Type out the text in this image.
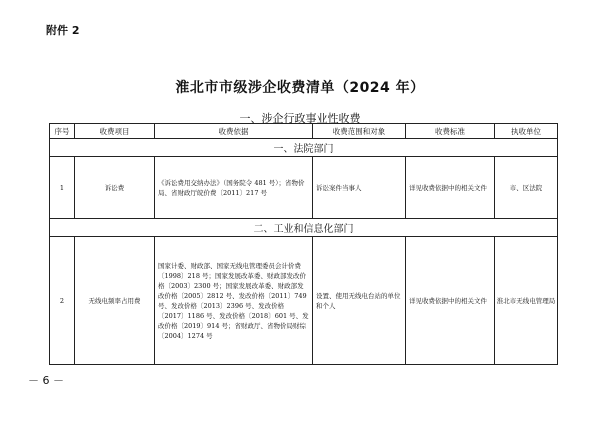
附件 2
淮北市市级涉企收费清单（2024 年）
一、涉企行政事业性收费
序号	收费项目	收费依据	收费范围和对象	收费标准	执收单位
一、法院部门					
1	诉讼费	《诉讼费用交纳办法》（国务院令 481 号）；省物价局、省财政厅皖价费〔2011〕217 号	诉讼案件当事人	详见收费依据中的相关文件	市、区法院
二、工业和信息化部门					
2	无线电频率占用费	国家计委、财政部、国家无线电管理委员会计价费〔1998〕218 号；国家发展改革委、财政部发改价格〔2003〕2300 号；国家发展改革委、财政部发改价格〔2005〕2812 号、发改价格〔2011〕749 号、发改价格〔2013〕2396 号、发改价格〔2017〕1186 号、发改价格〔2018〕601 号、发改价格〔2019〕914 号；省财政厅、省物价局财综〔2004〕1274 号	设置、使用无线电台站的单位和个人	详见收费依据中的相关文件	淮北市无线电管理局
－ 6 －
